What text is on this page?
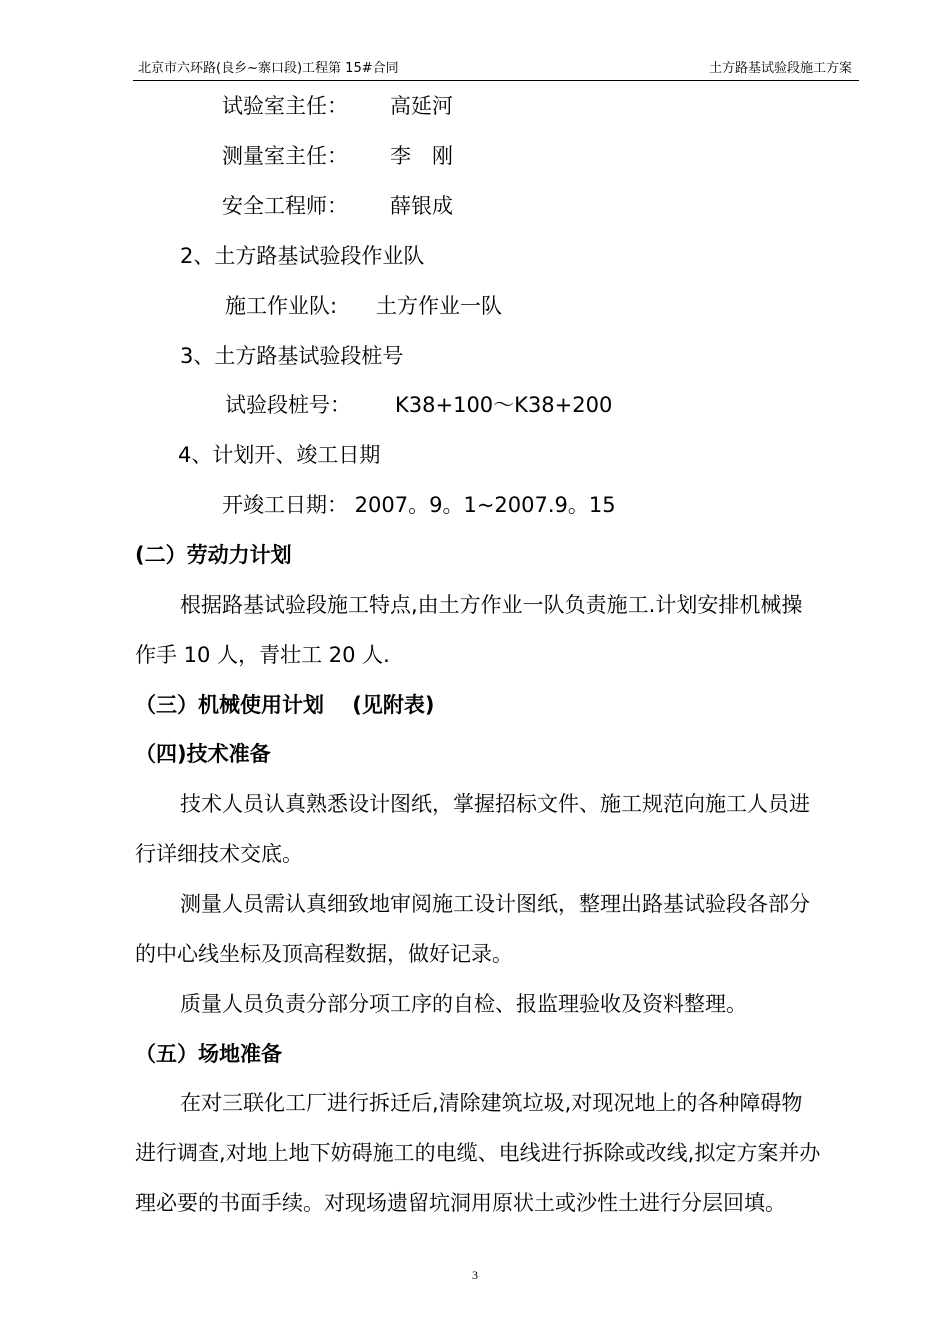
北京市六环路(良乡~寨口段)工程第 15#合同	土方路基试验段施工方案
试验室主任： 高延河
测量室主任： 李　刚
安全工程师： 薛银成
2、土方路基试验段作业队
施工作业队: 土方作业一队
3、土方路基试验段桩号
试验段桩号： K38+100～K38+200
4、计划开、竣工日期
开竣工日期： 2007。9。1~2007.9。15
(二）劳动力计划
根据路基试验段施工特点,由土方作业一队负责施工.计划安排机械操
作手 10 人，青壮工 20 人.
（三）机械使用计划　 (见附表)
（四)技术准备
技术人员认真熟悉设计图纸，掌握招标文件、施工规范向施工人员进
行详细技术交底。
测量人员需认真细致地审阅施工设计图纸，整理出路基试验段各部分
的中心线坐标及顶高程数据，做好记录。
质量人员负责分部分项工序的自检、报监理验收及资料整理。
（五）场地准备
在对三联化工厂进行拆迁后,清除建筑垃圾,对现况地上的各种障碍物
进行调查,对地上地下妨碍施工的电缆、电线进行拆除或改线,拟定方案并办
理必要的书面手续。对现场遗留坑洞用原状土或沙性土进行分层回填。
3
